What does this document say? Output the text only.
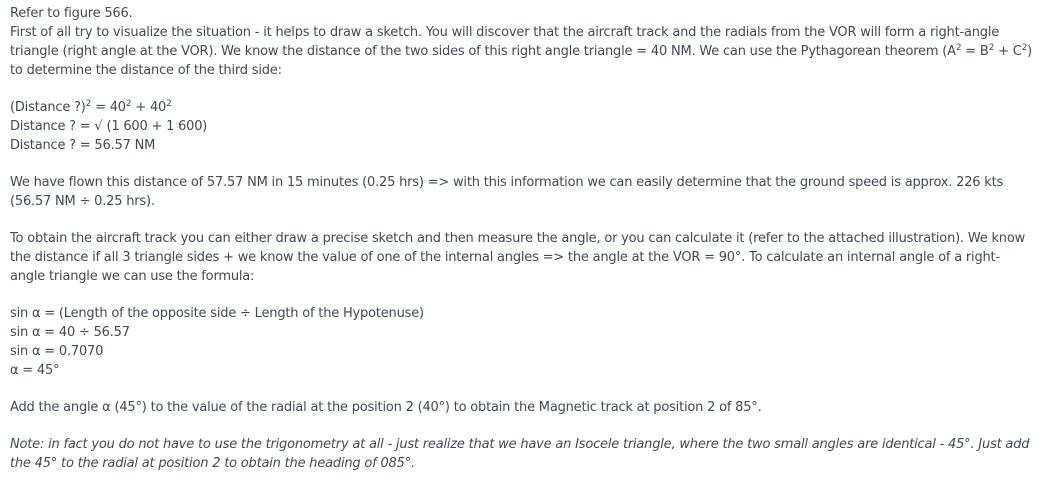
Refer to figure 566.

First of all try to visualize the situation - it helps to draw a sketch. You will discover that the aircraft track and the radials from the VOR will form a right-angle triangle (right angle at the VOR). We know the distance of the two sides of this right angle triangle = 40 NM. We can use the Pythagorean theorem $(A^2 = B^2 + C^2)$ to determine the distance of the third side:

(Distance ?)$^2$ = $40^2 + 40^2$

Distance ? = √ (1 600 + 1 600)

Distance ? = 56.57 NM

We have flown this distance of 57.57 NM in 15 minutes (0.25 hrs) => with this information we can easily determine that the ground speed is approx. 226 kts (56.57 NM ÷ 0.25 hrs).

To obtain the aircraft track you can either draw a precise sketch and then measure the angle, or you can calculate it (refer to the attached illustration). We know the distance if all 3 triangle sides + we know the value of one of the internal angles => the angle at the VOR = 90°. To calculate an internal angle of a right-angle triangle we can use the formula:

sin α = (Length of the opposite side ÷ Length of the Hypotenuse)

sin α = 40 ÷ 56.57

sin α = 0.7070

α = 45°

Add the angle α (45°) to the value of the radial at the position 2 (40°) to obtain the Magnetic track at position 2 of 85°.

Note: in fact you do not have to use the trigonometry at all - just realize that we have an Isocele triangle, where the two small angles are identical - 45°. Just add the 45° to the radial at position 2 to obtain the heading of 085°.
